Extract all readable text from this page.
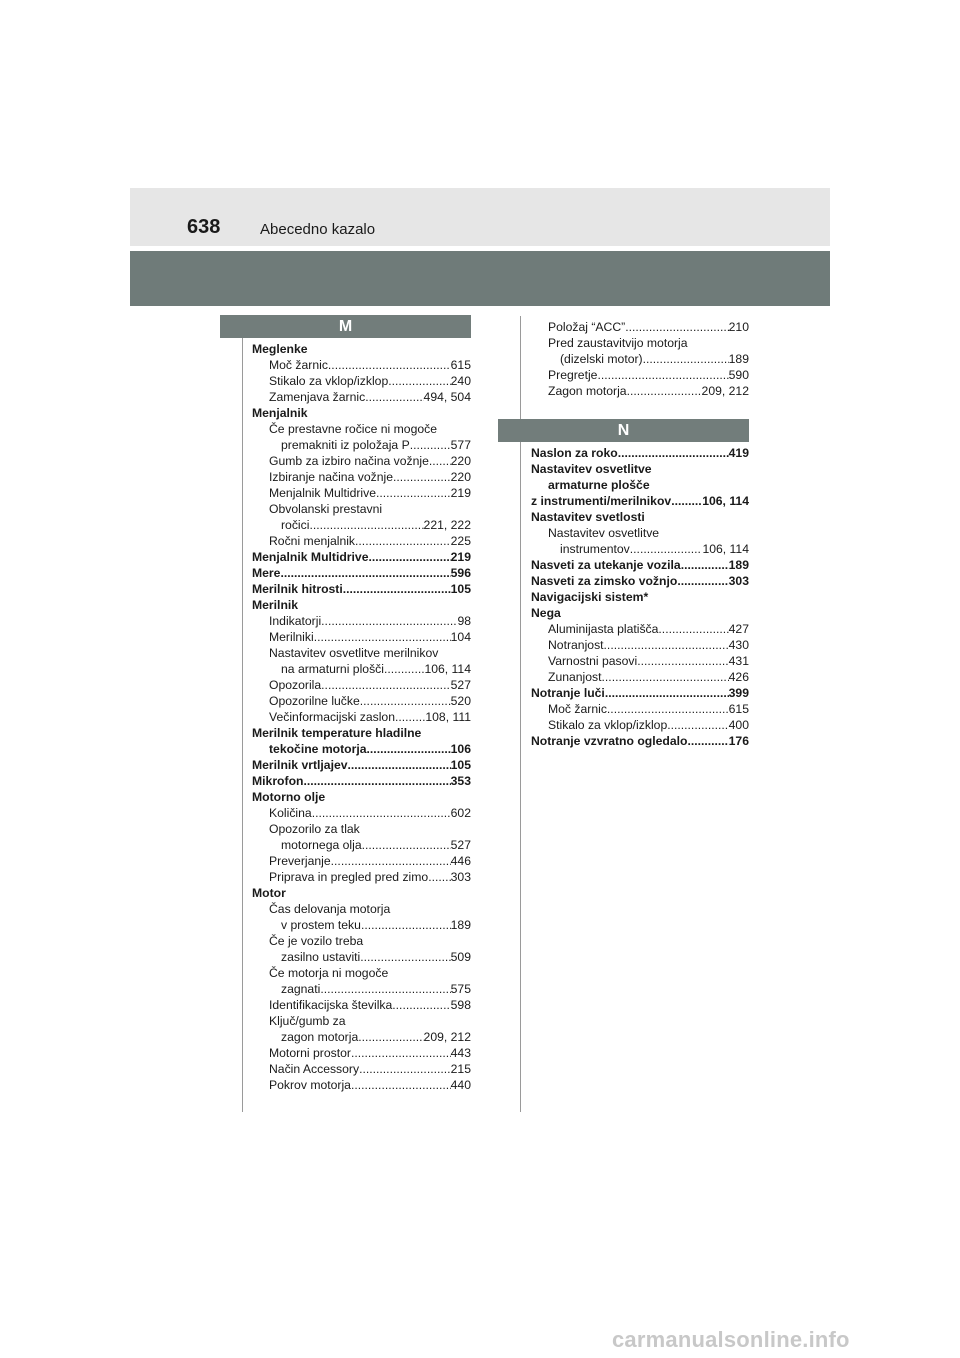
638	Abecedno kazalo
M
Meglenke
Moč žarnic .....	615
Stikalo za vklop/izklop .....	240
Zamenjava žarnic .....	494, 504
Menjalnik
Če prestavne ročice ni mogoče
premakniti iz položaja P .....	577
Gumb za izbiro načina vožnje ..... 220
Izbiranje načina vožnje .....	220
Menjalnik Multidrive .....	219
Obvolanski prestavni
ročici .....	221, 222
Ročni menjalnik .....	225
Menjalnik Multidrive .....	219
Mere .....	596
Merilnik hitrosti .....	105
Merilnik
Indikatorji .....	98
Merilniki .....	104
Nastavitev osvetlitve merilnikov
na armaturni plošči .....	106, 114
Opozorila .....	527
Opozorilne lučke .....	520
Večinformacijski zaslon ..... 108, 111
Merilnik temperature hladilne
tekočine motorja .....	106
Merilnik vrtljajev .....	105
Mikrofon .....	353
Motorno olje
Količina .....	602
Opozorilo za tlak
motornega olja .....	527
Preverjanje .....	446
Priprava in pregled pred zimo ..... 303
Motor
Čas delovanja motorja
v prostem teku .....	189
Če je vozilo treba
zasilno ustaviti .....	509
Če motorja ni mogoče
zagnati .....	575
Identifikacijska številka .....	598
Ključ/gumb za
zagon motorja .....	209, 212
Motorni prostor .....	443
Način Accessory .....	215
Pokrov motorja .....	440
Položaj “ACC” .....	210
Pred zaustavitvijo motorja
(dizelski motor) .....	189
Pregretje .....	590
Zagon motorja .....	209, 212
N
Naslon za roko .....	419
Nastavitev osvetlitve
armaturne plošče
z instrumenti/merilnikov .....	106, 114
Nastavitev svetlosti
Nastavitev osvetlitve
instrumentov .....	106, 114
Nasveti za utekanje vozila .....	189
Nasveti za zimsko vožnjo .....	303
Navigacijski sistem*
Nega
Aluminijasta platišča .....	427
Notranjost .....	430
Varnostni pasovi .....	431
Zunanjost .....	426
Notranje luči .....	399
Moč žarnic .....	615
Stikalo za vklop/izklop .....	400
Notranje vzvratno ogledalo .....	176
carmanualsonline.info
